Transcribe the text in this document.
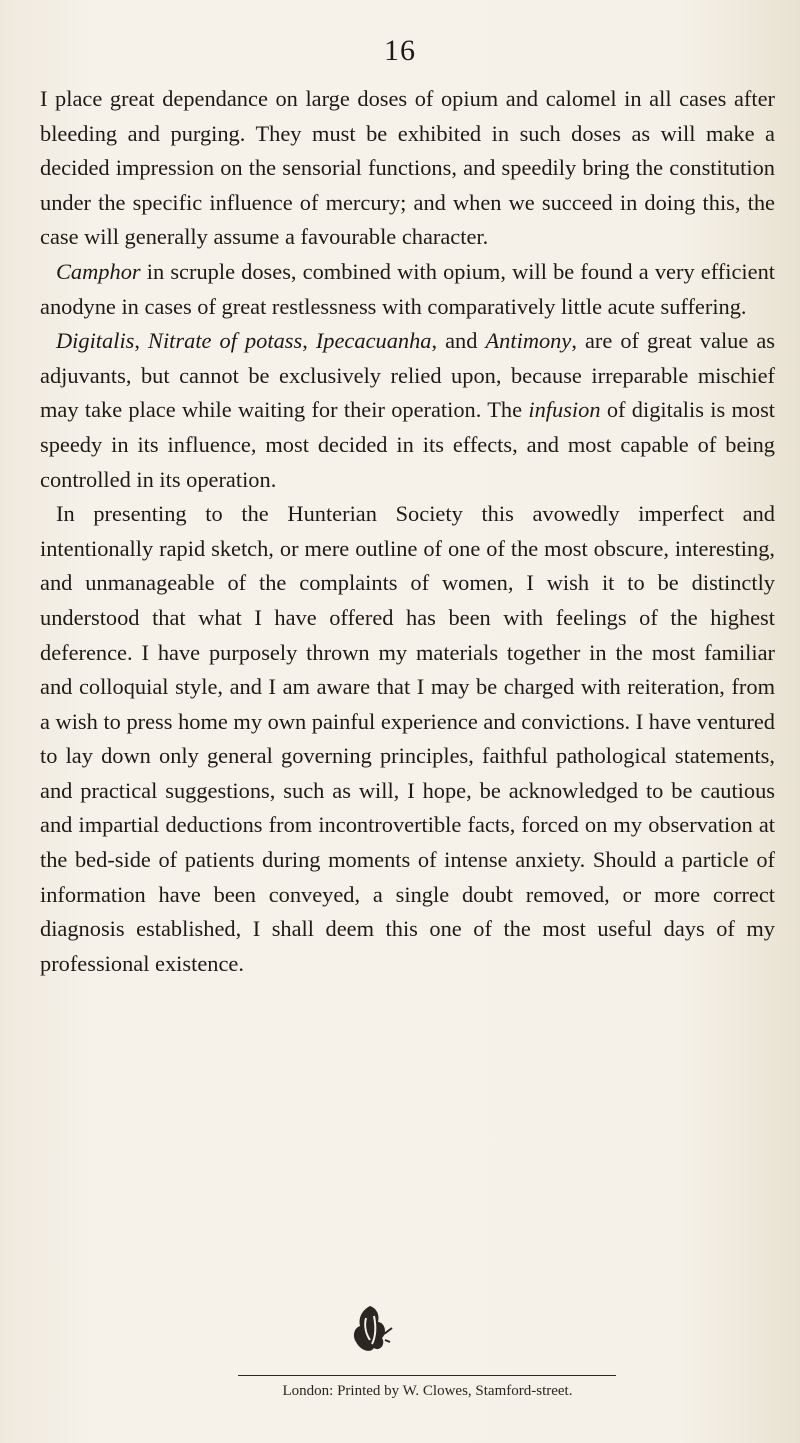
16

I place great dependance on large doses of opium and calomel in all cases after bleeding and purging. They must be exhibited in such doses as will make a decided impression on the sensorial functions, and speedily bring the constitution under the specific influence of mercury; and when we succeed in doing this, the case will generally assume a favourable character.

Camphor in scruple doses, combined with opium, will be found a very efficient anodyne in cases of great restlessness with comparatively little acute suffering.

Digitalis, Nitrate of potass, Ipecacuanha, and Antimony, are of great value as adjuvants, but cannot be exclusively relied upon, because irreparable mischief may take place while waiting for their operation. The infusion of digitalis is most speedy in its influence, most decided in its effects, and most capable of being controlled in its operation.

In presenting to the Hunterian Society this avowedly imperfect and intentionally rapid sketch, or mere outline of one of the most obscure, interesting, and unmanageable of the complaints of women, I wish it to be distinctly understood that what I have offered has been with feelings of the highest deference. I have purposely thrown my materials together in the most familiar and colloquial style, and I am aware that I may be charged with reiteration, from a wish to press home my own painful experience and convictions. I have ventured to lay down only general governing principles, faithful pathological statements, and practical suggestions, such as will, I hope, be acknowledged to be cautious and impartial deductions from incontrovertible facts, forced on my observation at the bed-side of patients during moments of intense anxiety. Should a particle of information have been conveyed, a single doubt removed, or more correct diagnosis established, I shall deem this one of the most useful days of my professional existence.

London: Printed by W. Clowes, Stamford-street.
